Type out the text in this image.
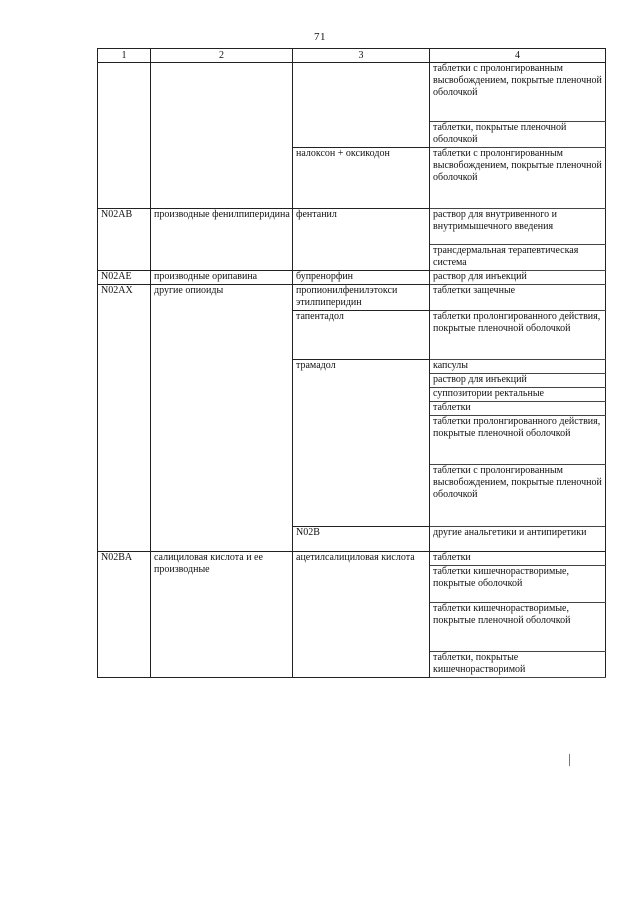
71
1	2	3	4	
			таблетки с пролонгированным высвобождением, покрытые пленочной оболочкой	
			таблетки, покрытые пленочной оболочкой	
		налоксон + оксикодон	таблетки с пролонгированным высвобождением, покрытые пленочной оболочкой	
N02AB	производные фенилпиперидина	фентанил	раствор для внутривенного и внутримышечного введения	
			трансдермальная терапевтическая система	
N02AE	производные орипавина	бупренорфин	раствор для инъекций	
N02AX	другие опиоиды	пропионилфенилэтокси этилпиперидин	таблетки защечные	
		тапентадол	таблетки пролонгированного действия, покрытые пленочной оболочкой	
		трамадол	капсулы	
			раствор для инъекций	
			суппозитории ректальные	
			таблетки	
			таблетки пролонгированного действия, покрытые пленочной оболочкой	
			таблетки с пролонгированным высвобождением, покрытые пленочной оболочкой	
		N02B	другие анальгетики и антипиретики		
N02BA	салициловая кислота и ее производные	ацетилсалициловая кислота	таблетки	
			таблетки кишечнорастворимые, покрытые оболочкой	
			таблетки кишечнорастворимые, покрытые пленочной оболочкой	
			таблетки, покрытые кишечнорастворимой	
